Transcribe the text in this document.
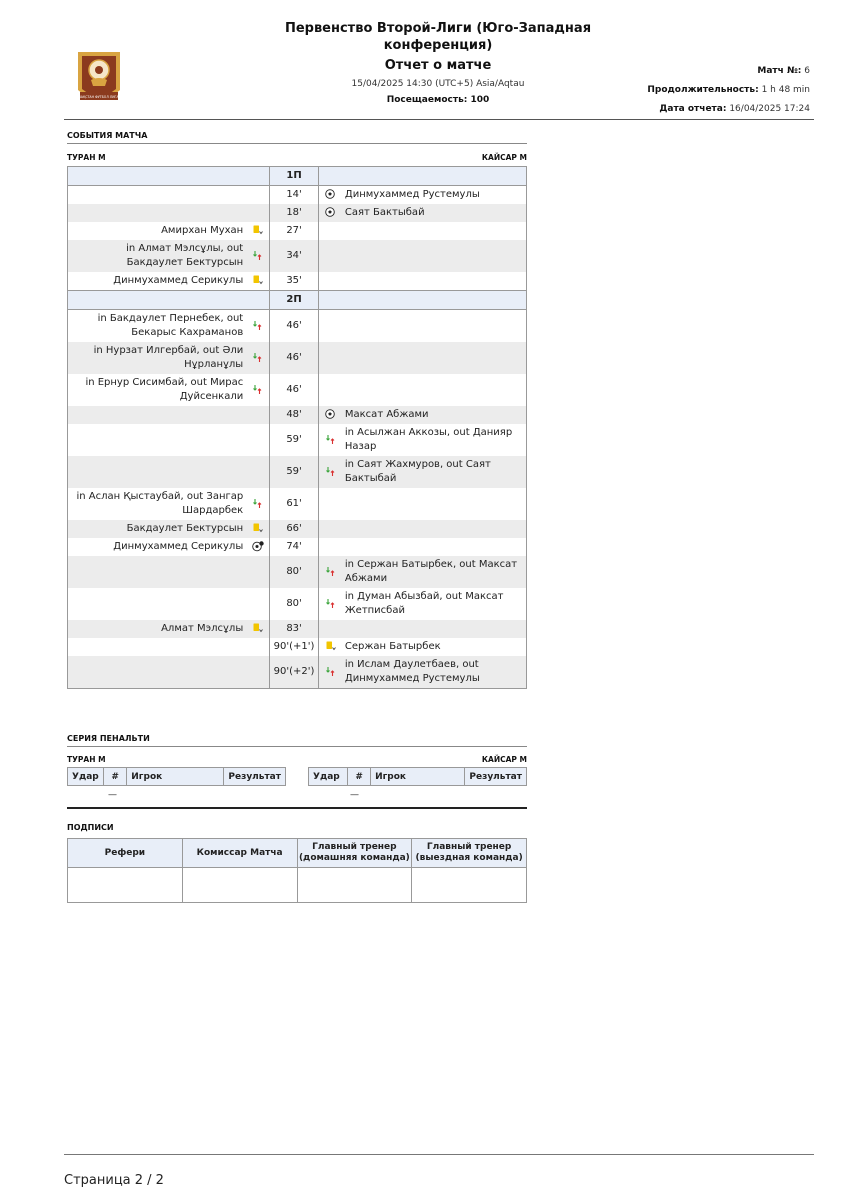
ҚАЗАҚСТАН ФУТБОЛ ЛИГАСЫ
Первенство Второй-Лиги (Юго-Западная конференция)
Отчет о матче
15/04/2025 14:30 (UTC+5) Asia/Aqtau
Посещаемость: 100
Матч №: 6
Продолжительность: 1 h 48 min
Дата отчета: 16/04/2025 17:24
СОБЫТИЯ МАТЧА
ТУРАН М	КАЙСАР М
		1П		
		14'		Динмухаммед Рустемулы
		18'		Саят Бактыбай
Амирхан Мухан		27'		
in Алмат Мэлсұлы, out Бакдаулет Бектурсын		34'		
Динмухаммед Серикулы		35'		
		2П		
in Бакдаулет Пернебек, out Бекарыс Кахраманов		46'		
in Нурзат Илгербай, out Әли Нұрланұлы		46'		
in Ернур Сисимбай, out Мирас Дуйсенкали		46'		
		48'		Максат Абжами
		59'		in Асылжан Аккозы, out Данияр Назар
		59'		in Саят Жахмуров, out Саят Бактыбай
in Аслан Қыстаубай, out Зангар Шардарбек		61'		
Бакдаулет Бектурсын		66'		
Динмухаммед Серикулы		74'		
		80'		in Сержан Батырбек, out Максат Абжами
		80'		in Думан Абызбай, out Максат Жетписбай
Алмат Мэлсұлы		83'		
		90'(+1')		Сержан Батырбек
		90'(+2')		in Ислам Даулетбаев, out Динмухаммед Рустемулы
СЕРИЯ ПЕНАЛЬТИ
ТУРАН М	КАЙСАР М
Удар	#	Игрок	Результат	Удар	#	Игрок	Результат
—	—
ПОДПИСИ
Рефери	Комиссар Матча	Главный тренер (домашняя команда)	Главный тренер (выездная команда)

Страница 2 / 2
